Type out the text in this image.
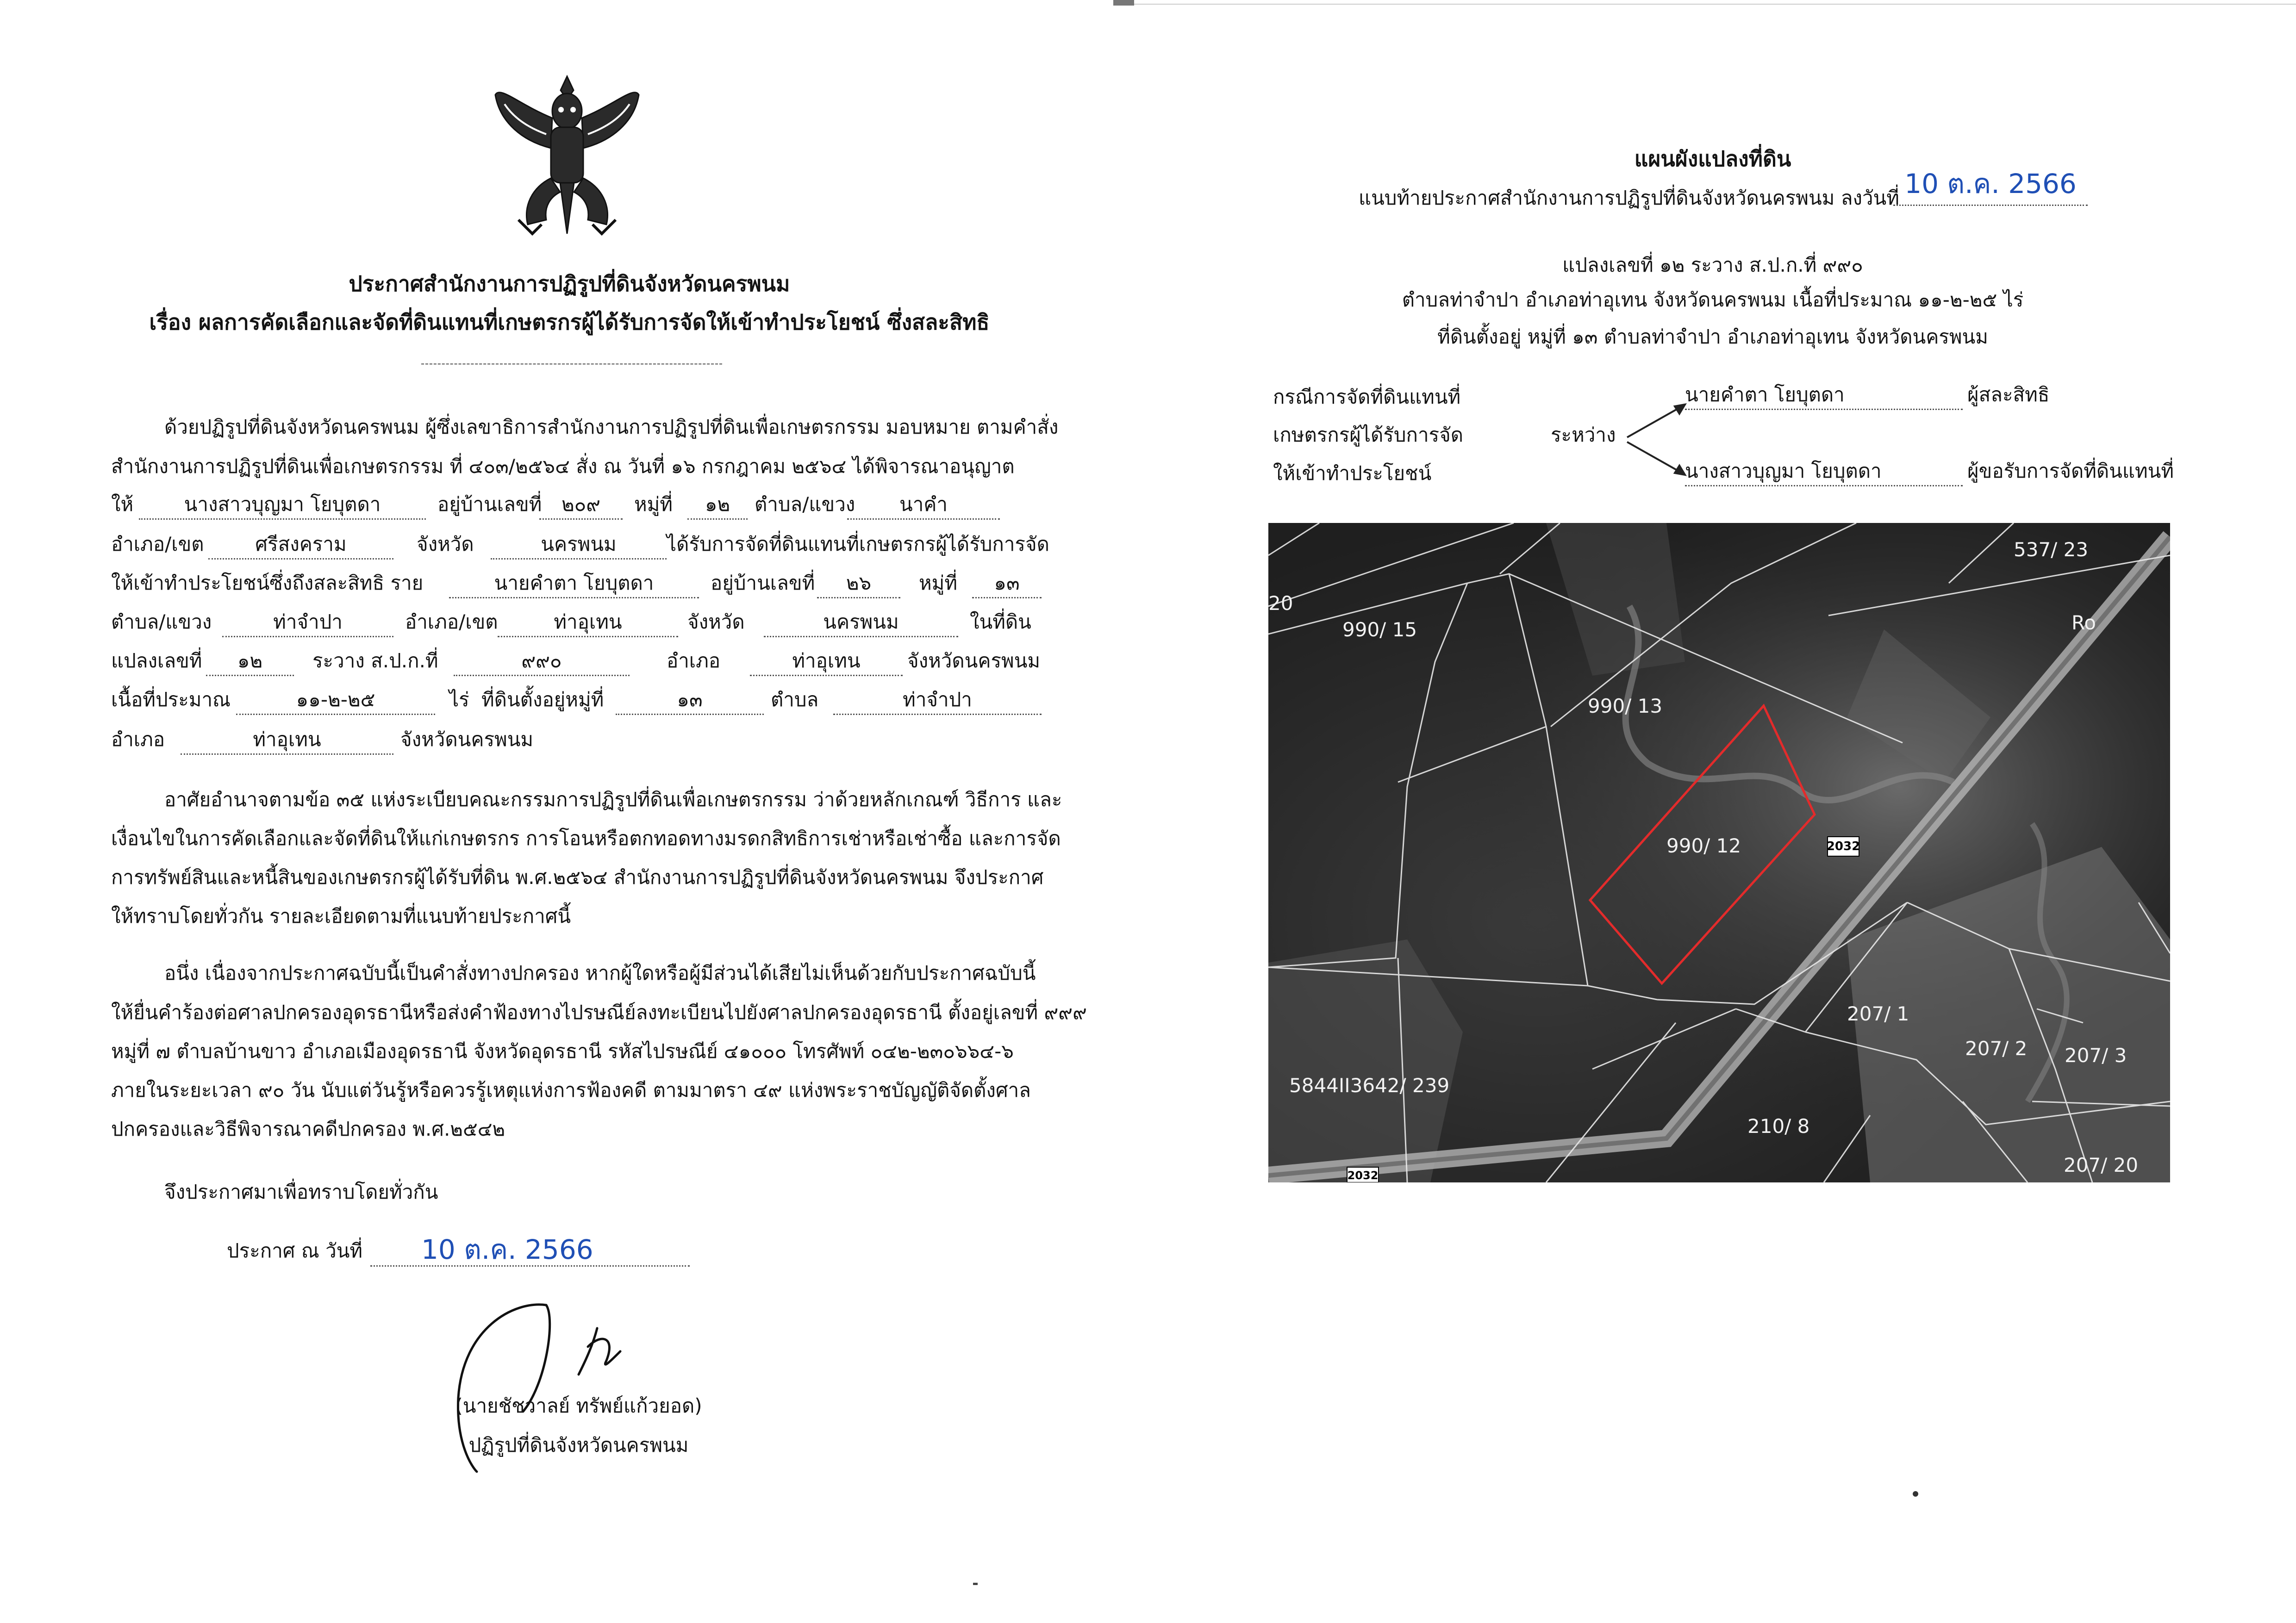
ประกาศสำนักงานการปฏิรูปที่ดินจังหวัดนครพนม
เรื่อง ผลการคัดเลือกและจัดที่ดินแทนที่เกษตรกรผู้ได้รับการจัดให้เข้าทำประโยชน์ ซึ่งสละสิทธิ
ด้วยปฏิรูปที่ดินจังหวัดนครพนม ผู้ซึ่งเลขาธิการสำนักงานการปฏิรูปที่ดินเพื่อเกษตรกรรม มอบหมาย ตามคำสั่ง
สำนักงานการปฏิรูปที่ดินเพื่อเกษตรกรรม ที่ ๔๐๓/๒๕๖๔ สั่ง ณ วันที่ ๑๖ กรกฎาคม ๒๕๖๔ ได้พิจารณาอนุญาต
ให้	นางสาวบุญมา โยบุตดา	อยู่บ้านเลขที่	๒๐๙	หมู่ที่	๑๒	ตำบล/แขวง	นาคำ
อำเภอ/เขต	ศรีสงคราม	จังหวัด	นครพนม	ได้รับการจัดที่ดินแทนที่เกษตรกรผู้ได้รับการจัด
ให้เข้าทำประโยชน์ซึ่งถึงสละสิทธิ ราย	นายคำตา โยบุตดา	อยู่บ้านเลขที่	๒๖	หมู่ที่	๑๓
ตำบล/แขวง	ท่าจำปา	อำเภอ/เขต	ท่าอุเทน	จังหวัด	นครพนม	ในที่ดิน
แปลงเลขที่	๑๒	ระวาง ส.ป.ก.ที่	๙๙๐	อำเภอ	ท่าอุเทน	จังหวัดนครพนม
เนื้อที่ประมาณ	๑๑-๒-๒๕	ไร่ ที่ดินตั้งอยู่หมู่ที่	๑๓	ตำบล	ท่าจำปา
อำเภอ	ท่าอุเทน	จังหวัดนครพนม
อาศัยอำนาจตามข้อ ๓๕ แห่งระเบียบคณะกรรมการปฏิรูปที่ดินเพื่อเกษตรกรรม ว่าด้วยหลักเกณฑ์ วิธีการ และ
เงื่อนไขในการคัดเลือกและจัดที่ดินให้แก่เกษตรกร การโอนหรือตกทอดทางมรดกสิทธิการเช่าหรือเช่าซื้อ และการจัด
การทรัพย์สินและหนี้สินของเกษตรกรผู้ได้รับที่ดิน พ.ศ.๒๕๖๔ สำนักงานการปฏิรูปที่ดินจังหวัดนครพนม จึงประกาศ
ให้ทราบโดยทั่วกัน รายละเอียดตามที่แนบท้ายประกาศนี้
อนึ่ง เนื่องจากประกาศฉบับนี้เป็นคำสั่งทางปกครอง หากผู้ใดหรือผู้มีส่วนได้เสียไม่เห็นด้วยกับประกาศฉบับนี้
ให้ยื่นคำร้องต่อศาลปกครองอุดรธานีหรือส่งคำฟ้องทางไปรษณีย์ลงทะเบียนไปยังศาลปกครองอุดรธานี ตั้งอยู่เลขที่ ๙๙๙
หมู่ที่ ๗ ตำบลบ้านขาว อำเภอเมืองอุดรธานี จังหวัดอุดรธานี รหัสไปรษณีย์ ๔๑๐๐๐ โทรศัพท์ ๐๔๒-๒๓๐๖๖๔-๖
ภายในระยะเวลา ๙๐ วัน นับแต่วันรู้หรือควรรู้เหตุแห่งการฟ้องคดี ตามมาตรา ๔๙ แห่งพระราชบัญญัติจัดตั้งศาล
ปกครองและวิธีพิจารณาคดีปกครอง พ.ศ.๒๕๔๒
จึงประกาศมาเพื่อทราบโดยทั่วกัน
ประกาศ ณ วันที่	10 ต.ค. 2566
(นายชัชวาลย์ ทรัพย์แก้วยอด)
ปฏิรูปที่ดินจังหวัดนครพนม
แผนผังแปลงที่ดิน
แนบท้ายประกาศสำนักงานการปฏิรูปที่ดินจังหวัดนครพนม ลงวันที่ 10 ต.ค. 2566
แปลงเลขที่ ๑๒ ระวาง ส.ป.ก.ที่ ๙๙๐
ตำบลท่าจำปา อำเภอท่าอุเทน จังหวัดนครพนม เนื้อที่ประมาณ ๑๑-๒-๒๕ ไร่
ที่ดินตั้งอยู่ หมู่ที่ ๑๓ ตำบลท่าจำปา อำเภอท่าอุเทน จังหวัดนครพนม
กรณีการจัดที่ดินแทนที่
เกษตรกรผู้ได้รับการจัด
ให้เข้าทำประโยชน์
ระหว่าง
นายคำตา โยบุตดา	ผู้สละสิทธิ
นางสาวบุญมา โยบุตดา	ผู้ขอรับการจัดที่ดินแทนที่
537/ 23
990/ 15
20
Ro
990/ 13
990/ 12
207/ 1
207/ 2 207/ 3
5844II3642/ 239
210/ 8
207/ 20
2032
2032
